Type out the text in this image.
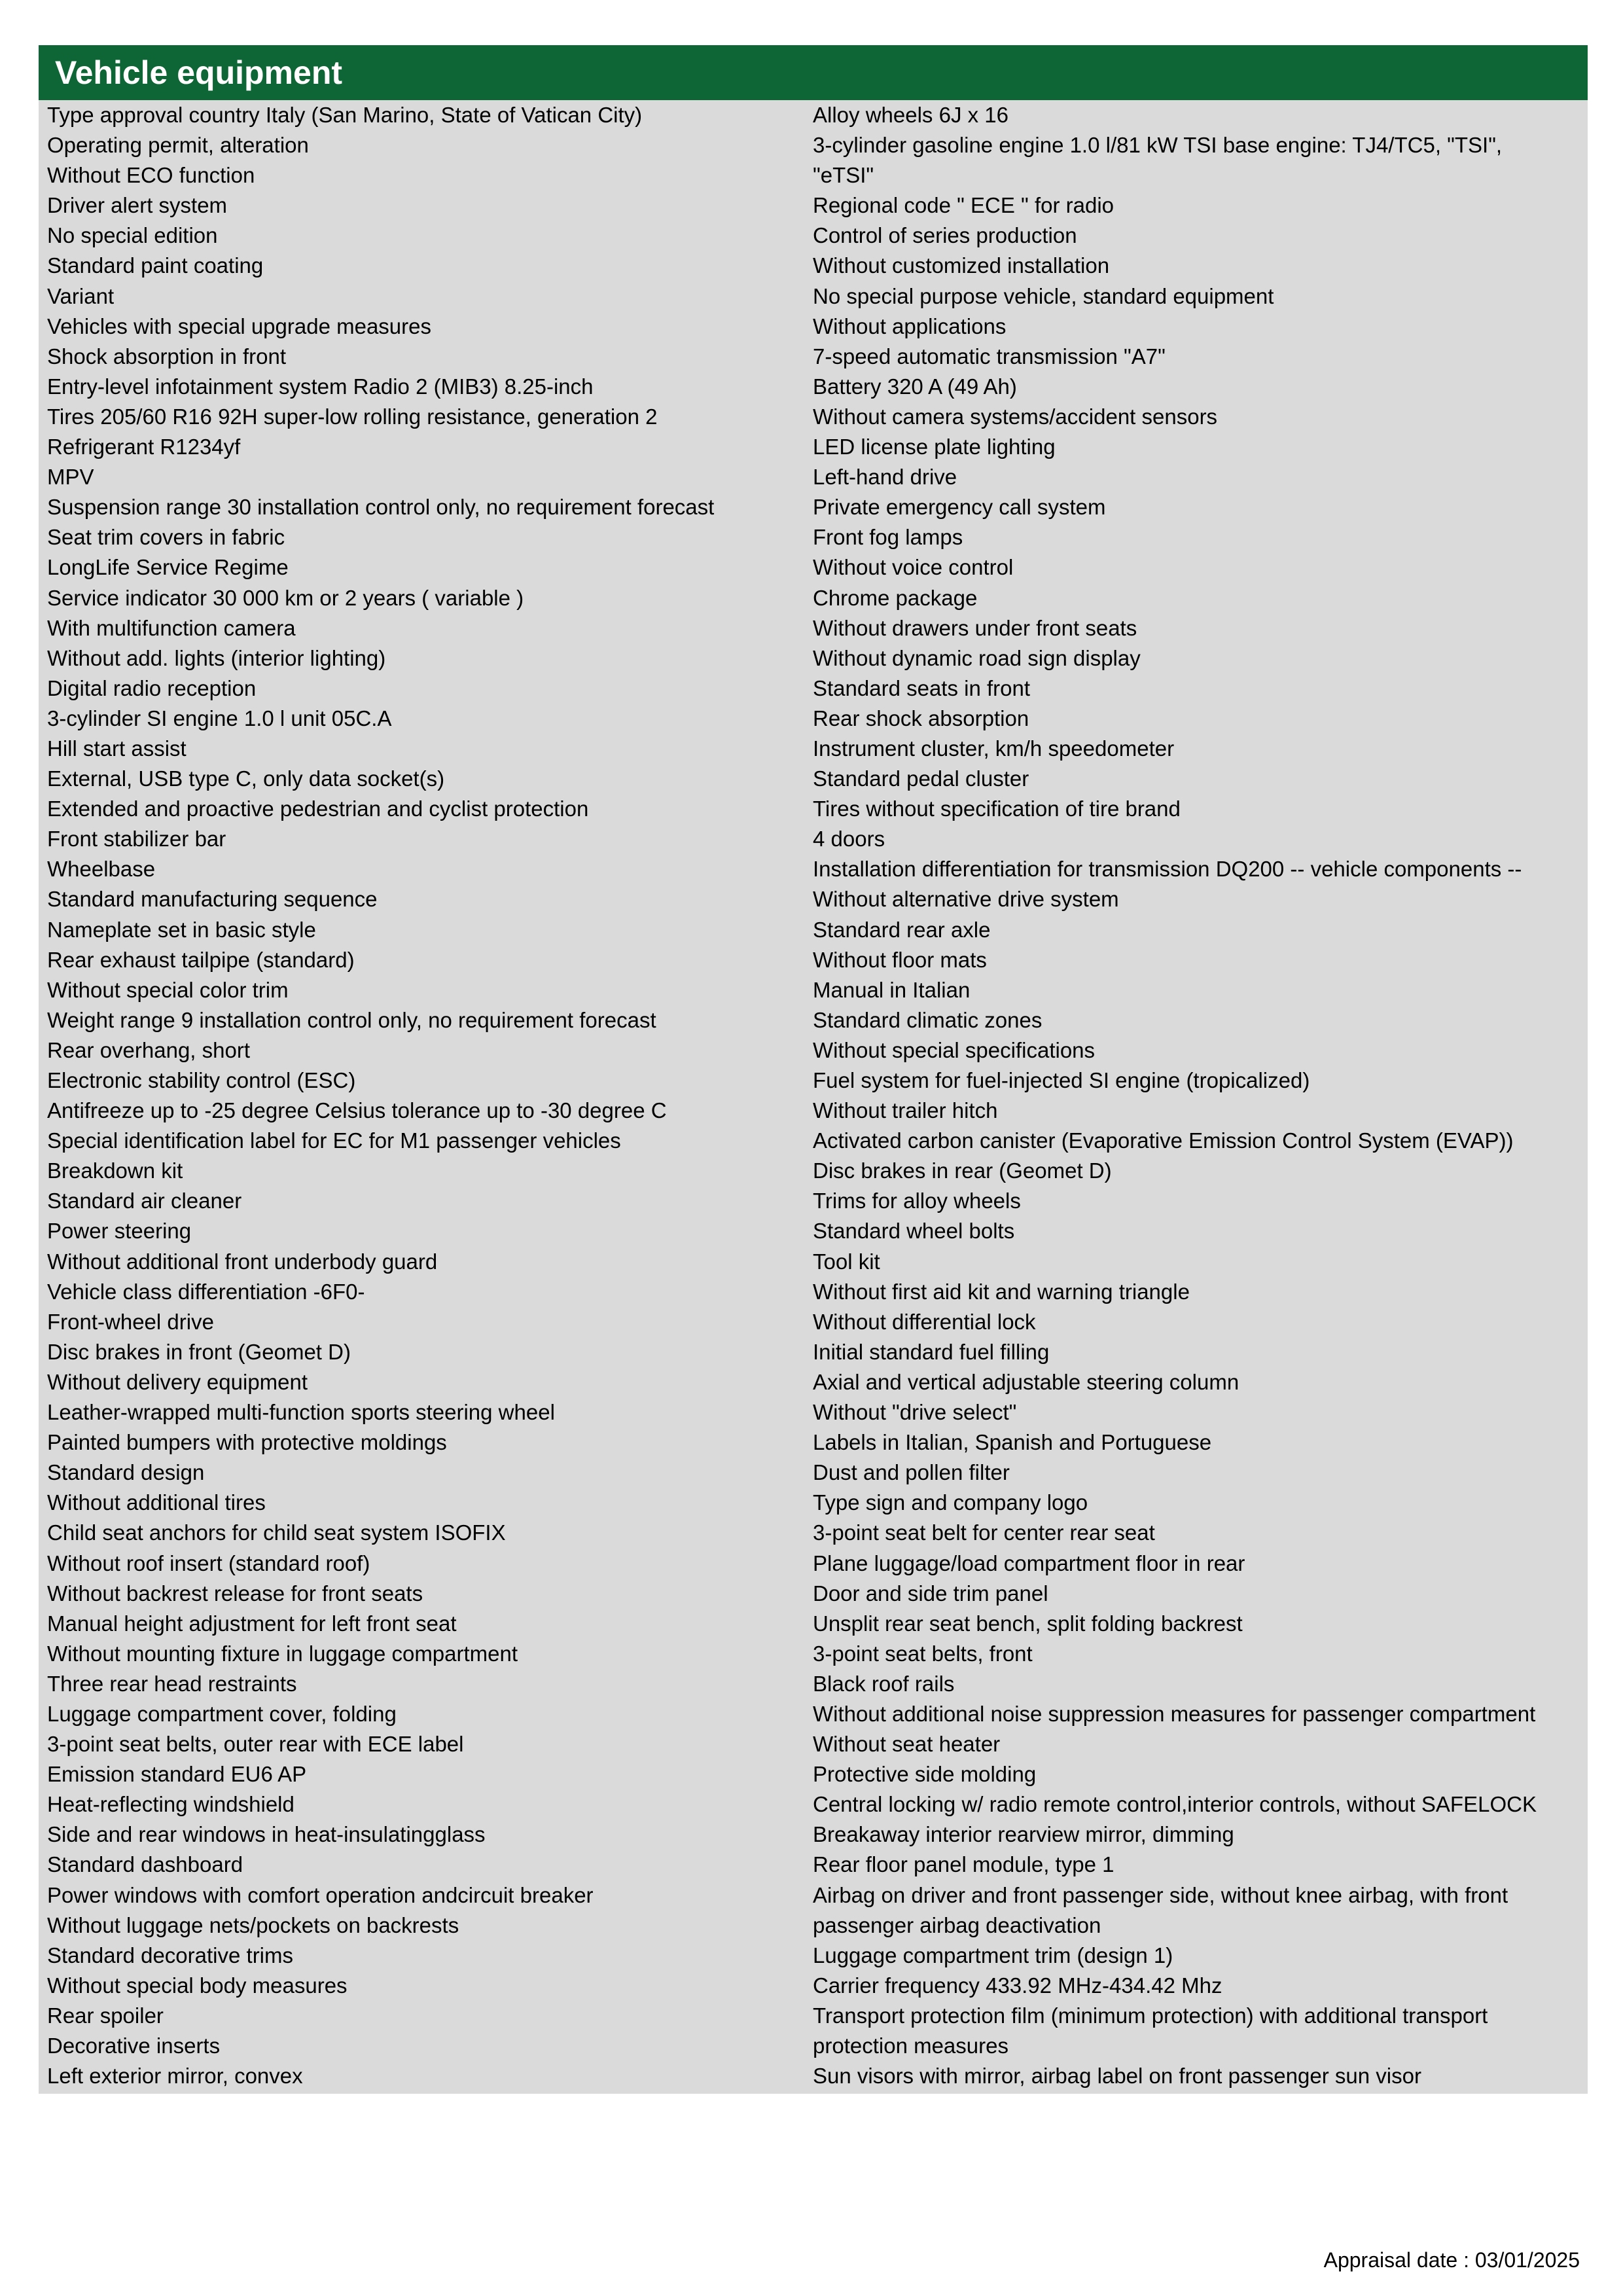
Vehicle equipment
Type approval country Italy (San Marino, State of Vatican City)
Operating permit, alteration
Without ECO function
Driver alert system
No special edition
Standard paint coating
Variant
Vehicles with special upgrade measures
Shock absorption in front
Entry-level infotainment system Radio 2 (MIB3) 8.25-inch
Tires 205/60 R16 92H super-low rolling resistance, generation 2
Refrigerant R1234yf
MPV
Suspension range 30 installation control only, no requirement forecast
Seat trim covers in fabric
LongLife Service Regime
Service indicator 30 000 km or 2 years ( variable )
With multifunction camera
Without add. lights (interior lighting)
Digital radio reception
3-cylinder SI engine 1.0 l unit 05C.A
Hill start assist
External, USB type C, only data socket(s)
Extended and proactive pedestrian and cyclist protection
Front stabilizer bar
Wheelbase
Standard manufacturing sequence
Nameplate set in basic style
Rear exhaust tailpipe (standard)
Without special color trim
Weight range 9 installation control only, no requirement forecast
Rear overhang, short
Electronic stability control (ESC)
Antifreeze up to -25 degree Celsius tolerance up to -30 degree C
Special identification label for EC for M1 passenger vehicles
Breakdown kit
Standard air cleaner
Power steering
Without additional front underbody guard
Vehicle class differentiation -6F0-
Front-wheel drive
Disc brakes in front (Geomet D)
Without delivery equipment
Leather-wrapped multi-function sports steering wheel
Painted bumpers with protective moldings
Standard design
Without additional tires
Child seat anchors for child seat system ISOFIX
Without roof insert (standard roof)
Without backrest release for front seats
Manual height adjustment for left front seat
Without mounting fixture in luggage compartment
Three rear head restraints
Luggage compartment cover, folding
3-point seat belts, outer rear with ECE label
Emission standard EU6 AP
Heat-reflecting windshield
Side and rear windows in heat-insulatingglass
Standard dashboard
Power windows with comfort operation andcircuit breaker
Without luggage nets/pockets on backrests
Standard decorative trims
Without special body measures
Rear spoiler
Decorative inserts
Left exterior mirror, convex
Alloy wheels 6J x 16
3-cylinder gasoline engine 1.0 l/81 kW TSI base engine: TJ4/TC5, "TSI", "eTSI"
Regional code " ECE " for radio
Control of series production
Without customized installation
No special purpose vehicle, standard equipment
Without applications
7-speed automatic transmission "A7"
Battery 320 A (49 Ah)
Without camera systems/accident sensors
LED license plate lighting
Left-hand drive
Private emergency call system
Front fog lamps
Without voice control
Chrome package
Without drawers under front seats
Without dynamic road sign display
Standard seats in front
Rear shock absorption
Instrument cluster, km/h speedometer
Standard pedal cluster
Tires without specification of tire brand
4 doors
Installation differentiation for transmission DQ200 -- vehicle components --
Without alternative drive system
Standard rear axle
Without floor mats
Manual in Italian
Standard climatic zones
Without special specifications
Fuel system for fuel-injected SI engine (tropicalized)
Without trailer hitch
Activated carbon canister (Evaporative Emission Control System (EVAP))
Disc brakes in rear (Geomet D)
Trims for alloy wheels
Standard wheel bolts
Tool kit
Without first aid kit and warning triangle
Without differential lock
Initial standard fuel filling
Axial and vertical adjustable steering column
Without "drive select"
Labels in Italian, Spanish and Portuguese
Dust and pollen filter
Type sign and company logo
3-point seat belt for center rear seat
Plane luggage/load compartment floor in rear
Door and side trim panel
Unsplit rear seat bench, split folding backrest
3-point seat belts, front
Black roof rails
Without additional noise suppression measures for passenger compartment
Without seat heater
Protective side molding
Central locking w/ radio remote control,interior controls, without SAFELOCK
Breakaway interior rearview mirror, dimming
Rear floor panel module, type 1
Airbag on driver and front passenger side, without knee airbag, with front passenger airbag deactivation
Luggage compartment trim (design 1)
Carrier frequency 433.92 MHz-434.42 Mhz
Transport protection film (minimum protection) with additional transport protection measures
Sun visors with mirror, airbag label on front passenger sun visor
Appraisal date : 03/01/2025
